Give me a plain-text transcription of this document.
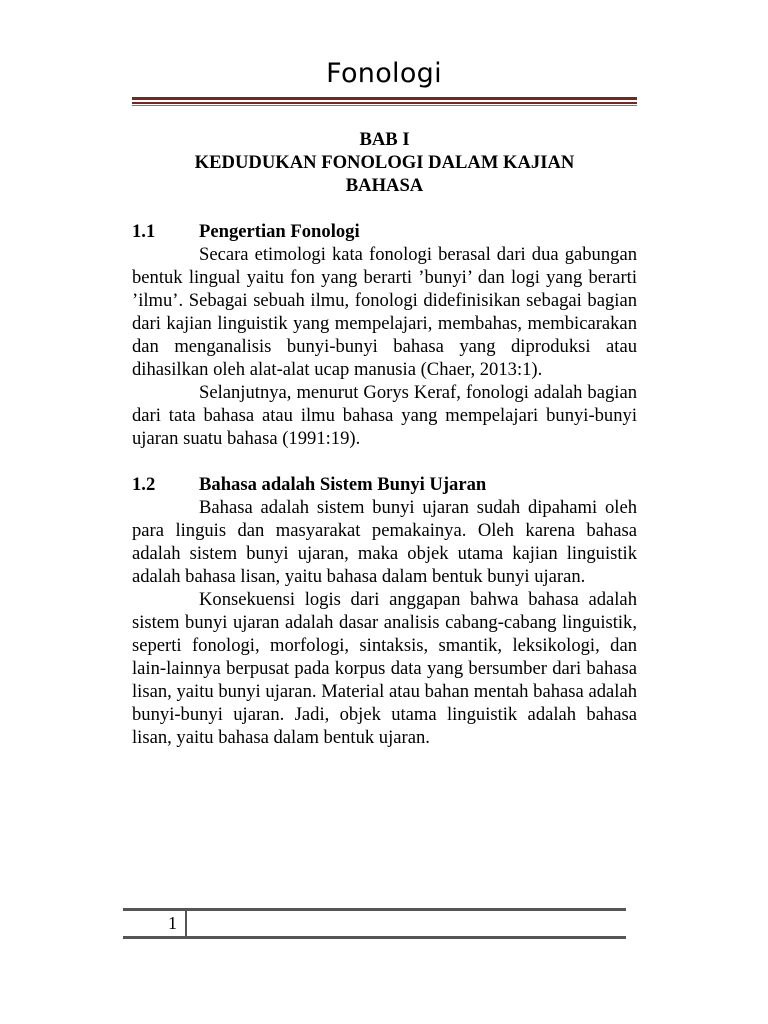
Fonologi
BAB I
KEDUDUKAN FONOLOGI DALAM KAJIAN
BAHASA
1.1	Pengertian Fonologi

Secara etimologi kata fonologi berasal dari dua gabungan bentuk lingual yaitu fon yang berarti ’bunyi’ dan logi yang berarti ’ilmu’. Sebagai sebuah ilmu, fonologi didefinisikan sebagai bagian dari kajian linguistik yang mempelajari, membahas, membicarakan dan menganalisis bunyi-bunyi bahasa yang diproduksi atau dihasilkan oleh alat-alat ucap manusia (Chaer, 2013:1).

Selanjutnya, menurut Gorys Keraf, fonologi adalah bagian dari tata bahasa atau ilmu bahasa yang mempelajari bunyi-bunyi ujaran suatu bahasa (1991:19).

1.2	Bahasa adalah Sistem Bunyi Ujaran

Bahasa adalah sistem bunyi ujaran sudah dipahami oleh para linguis dan masyarakat pemakainya. Oleh karena bahasa adalah sistem bunyi ujaran, maka objek utama kajian linguistik adalah bahasa lisan, yaitu bahasa dalam bentuk bunyi ujaran.

Konsekuensi logis dari anggapan bahwa bahasa adalah sistem bunyi ujaran adalah dasar analisis cabang-cabang linguistik, seperti fonologi, morfologi, sintaksis, smantik, leksikologi, dan lain-lainnya berpusat pada korpus data yang bersumber dari bahasa lisan, yaitu bunyi ujaran. Material atau bahan mentah bahasa adalah bunyi-bunyi ujaran. Jadi, objek utama linguistik adalah bahasa lisan, yaitu bahasa dalam bentuk ujaran.

1
